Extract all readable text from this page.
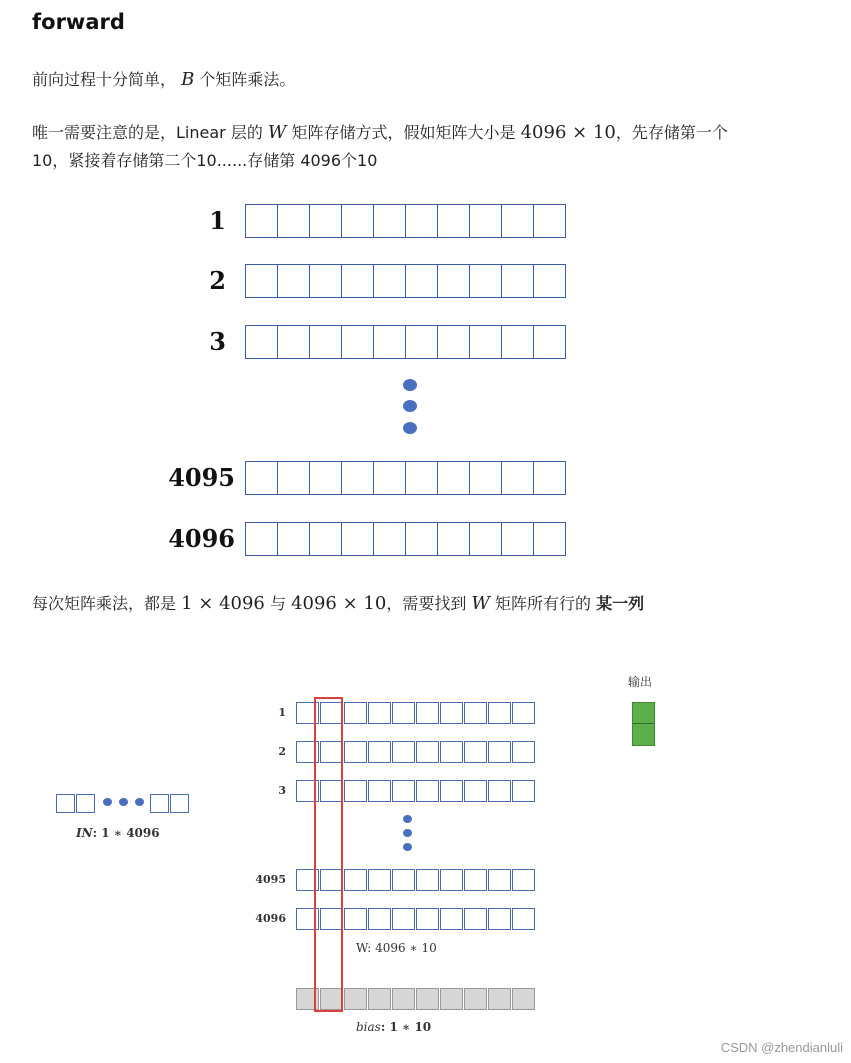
forward

前向过程十分简单， B 个矩阵乘法。

唯一需要注意的是，Linear 层的 W 矩阵存储方式，假如矩阵大小是 4096 × 10，先存储第一个

10，紧接着存储第二个10......存储第 4096个10

1
2
3
4095
4096

每次矩阵乘法，都是 1 × 4096 与 4096 × 10，需要找到 W 矩阵所有行的 某一列

IN: 1 ∗ 4096
1
2
3
4095
4096
W: 4096 ∗ 10
bias: 1 ∗ 10
输出
CSDN @zhendianluli
